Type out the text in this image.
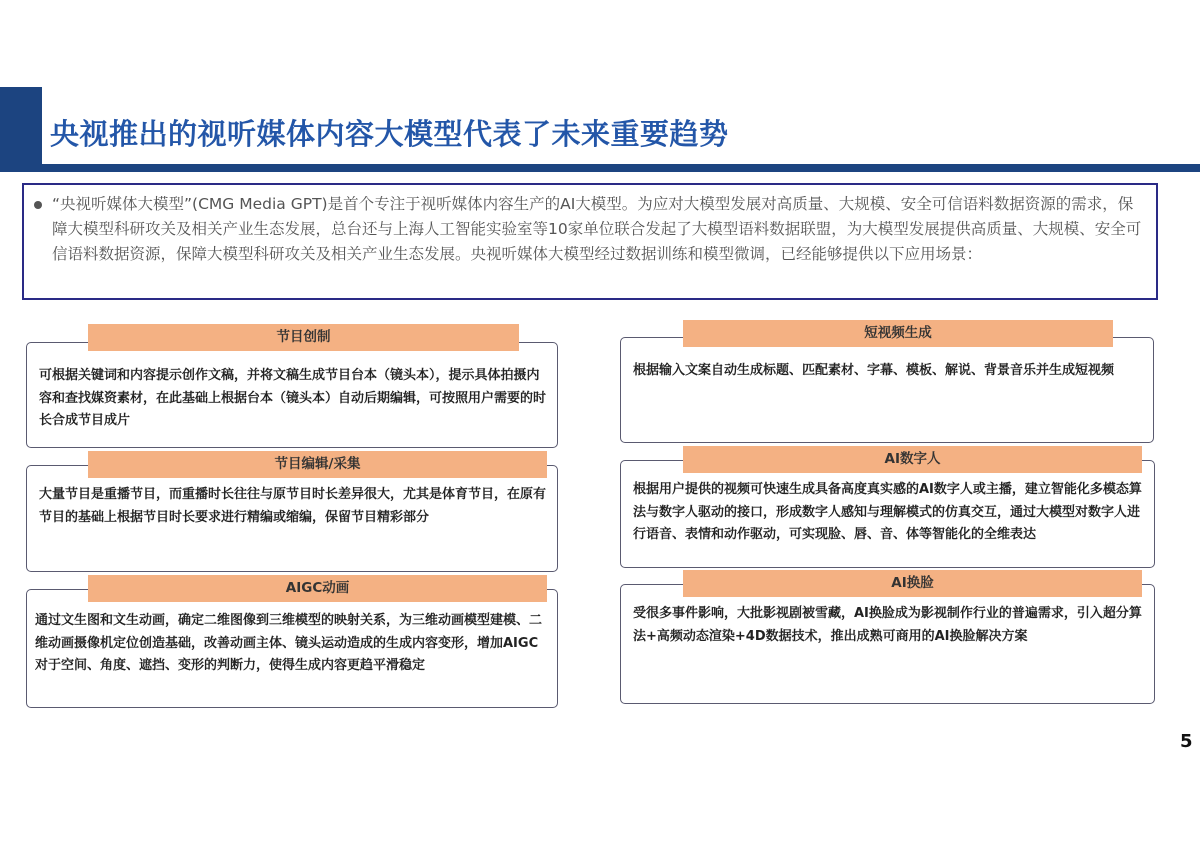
央视推出的视听媒体内容大模型代表了未来重要趋势
“央视听媒体大模型”(CMG Media GPT)是首个专注于视听媒体内容生产的AI大模型。为应对大模型发展对高质量、大规模、安全可信语料数据资源的需求，保障大模型科研攻关及相关产业生态发展，总台还与上海人工智能实验室等10家单位联合发起了大模型语料数据联盟，为大模型发展提供高质量、大规模、安全可信语料数据资源，保障大模型科研攻关及相关产业生态发展。央视听媒体大模型经过数据训练和模型微调，已经能够提供以下应用场景：
可根据关键词和内容提示创作文稿，并将文稿生成节目台本（镜头本），提示具体拍摄内容和查找媒资素材，在此基础上根据台本（镜头本）自动后期编辑，可按照用户需要的时长合成节目成片
节目创制
大量节目是重播节目，而重播时长往往与原节目时长差异很大，尤其是体育节目，在原有节目的基础上根据节目时长要求进行精编或缩编，保留节目精彩部分
节目编辑/采集
通过文生图和文生动画，确定二维图像到三维模型的映射关系，为三维动画模型建模、二维动画摄像机定位创造基础，改善动画主体、镜头运动造成的生成内容变形，增加AIGC对于空间、角度、遮挡、变形的判断力，使得生成内容更趋平滑稳定
AIGC动画
根据输入文案自动生成标题、匹配素材、字幕、模板、解说、背景音乐并生成短视频
短视频生成
根据用户提供的视频可快速生成具备高度真实感的AI数字人或主播，建立智能化多模态算法与数字人驱动的接口，形成数字人感知与理解模式的仿真交互，通过大模型对数字人进行语音、表情和动作驱动，可实现脸、唇、音、体等智能化的全维表达
AI数字人
受很多事件影响，大批影视剧被雪藏，AI换脸成为影视制作行业的普遍需求，引入超分算法+高频动态渲染+4D数据技术，推出成熟可商用的AI换脸解决方案
AI换脸
5
